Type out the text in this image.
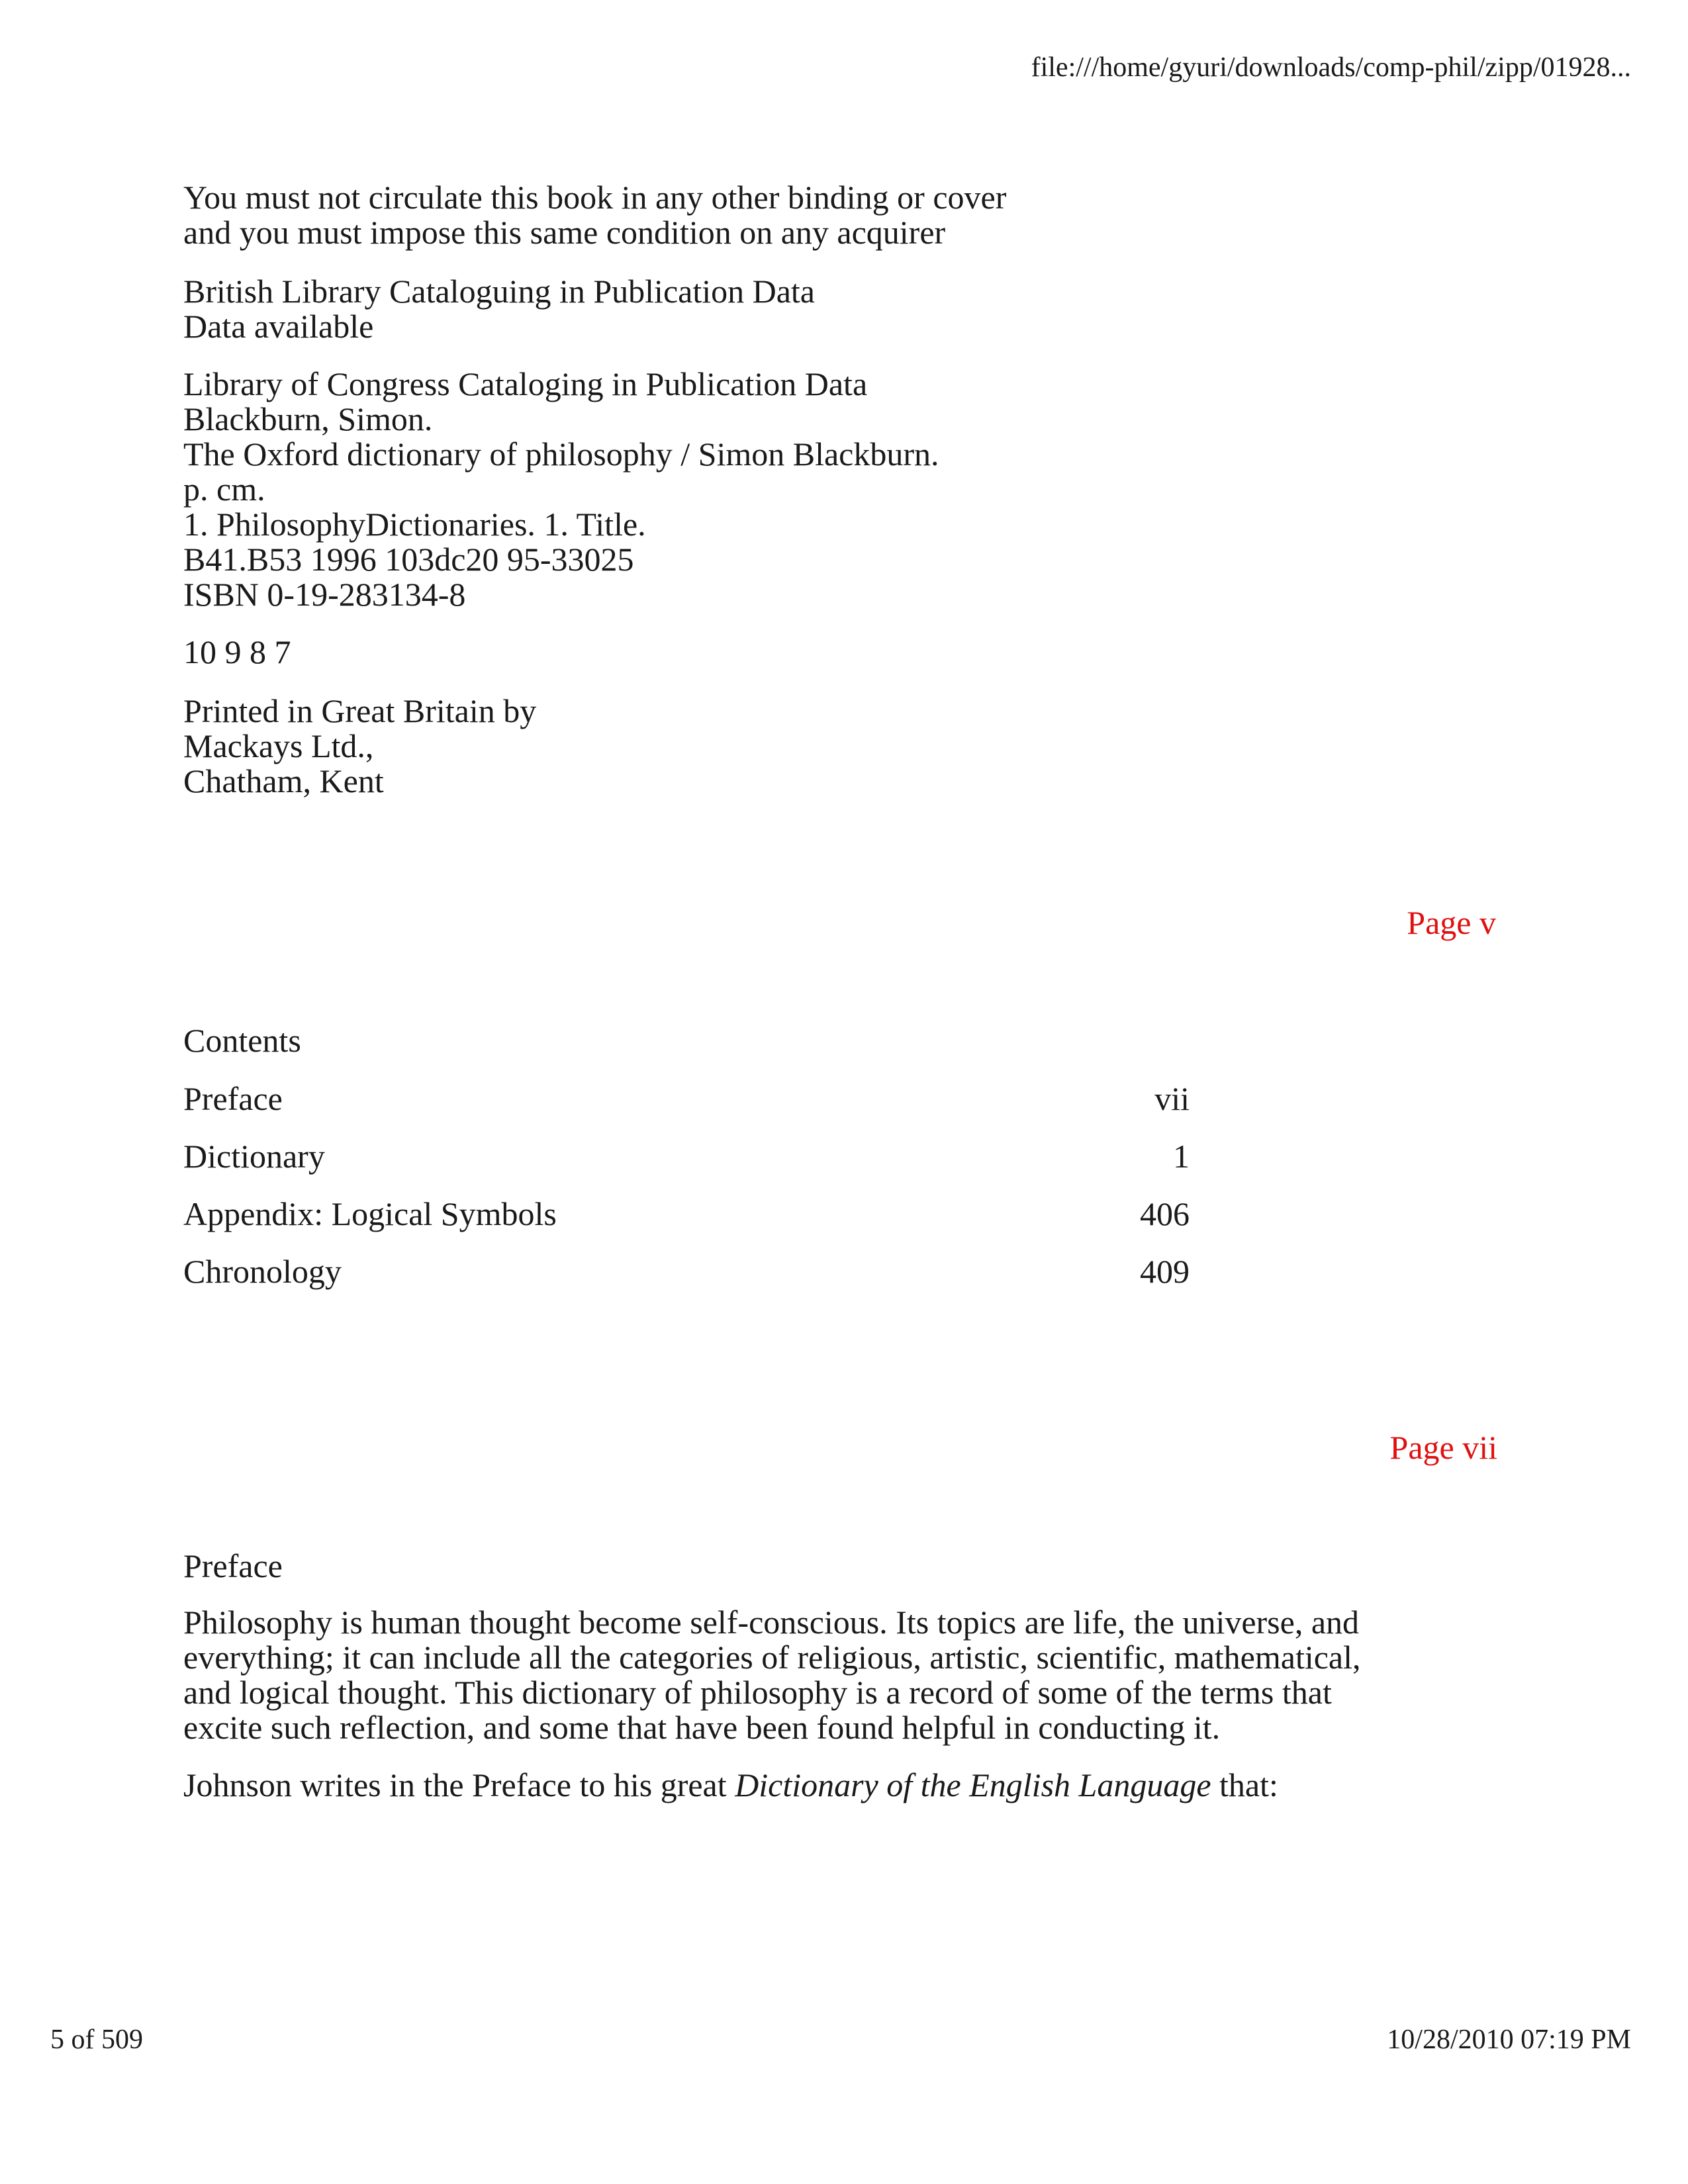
file:///home/gyuri/downloads/comp-phil/zipp/01928...
You must not circulate this book in any other binding or cover
and you must impose this same condition on any acquirer
British Library Cataloguing in Publication Data
Data available
Library of Congress Cataloging in Publication Data
Blackburn, Simon.
The Oxford dictionary of philosophy / Simon Blackburn.
p. cm.
1. PhilosophyDictionaries. 1. Title.
B41.B53 1996 103dc20 95-33025
ISBN 0-19-283134-8
10 9 8 7
Printed in Great Britain by
Mackays Ltd.,
Chatham, Kent
Page v
Contents
Preface	vii
Dictionary	1
Appendix: Logical Symbols	406
Chronology	409
Page vii
Preface
Philosophy is human thought become self-conscious. Its topics are life, the universe, and
everything; it can include all the categories of religious, artistic, scientific, mathematical,
and logical thought. This dictionary of philosophy is a record of some of the terms that
excite such reflection, and some that have been found helpful in conducting it.
Johnson writes in the Preface to his great Dictionary of the English Language that:
5 of 509	10/28/2010 07:19 PM
